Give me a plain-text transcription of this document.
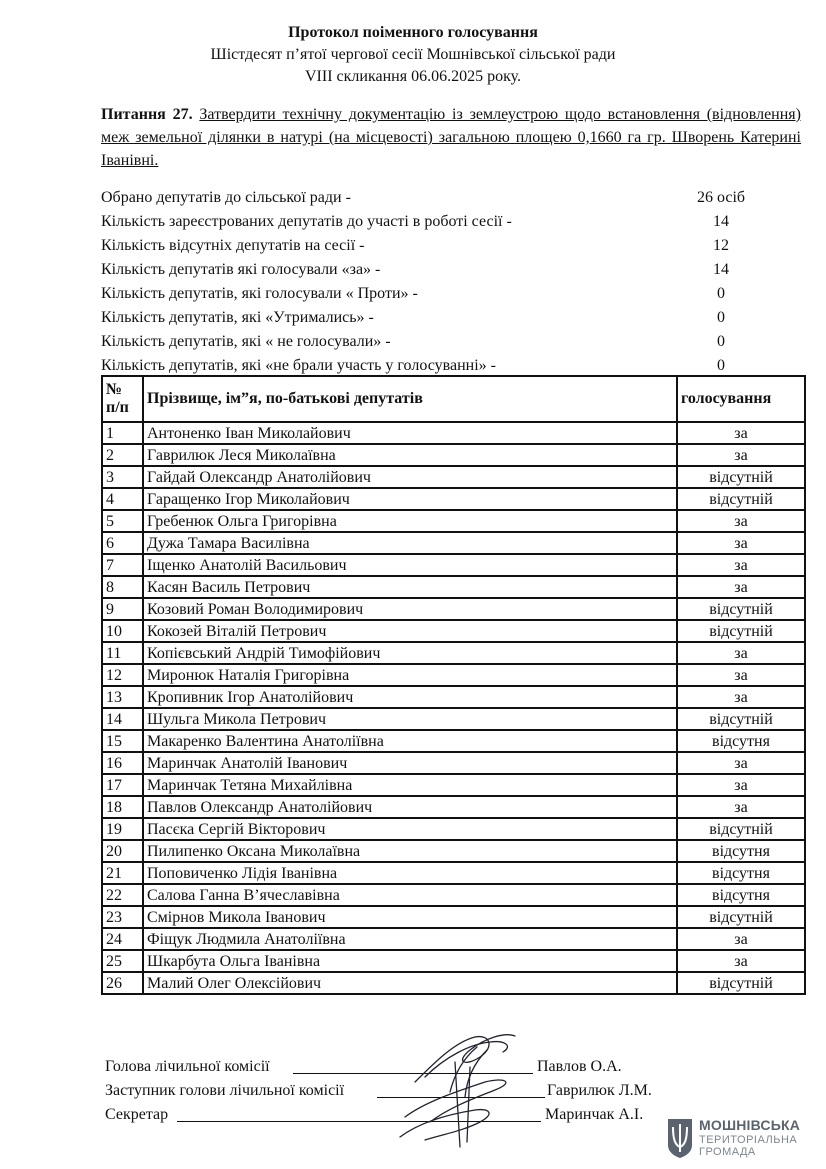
Протокол поіменного голосування
Шістдесят п’ятої чергової сесії Мошнівської сільської ради
VIII скликання 06.06.2025 року.
Питання 27. Затвердити технічну документацію із землеустрою щодо встановлення (відновлення) меж земельної ділянки в натурі (на місцевості) загальною площею 0,1660 га гр. Шворень Катерині Іванівні.
Обрано депутатів до сільської ради -	26 осіб
Кількість зареєстрованих депутатів до участі в роботі сесії -	14
Кількість відсутніх депутатів на сесії -	12
Кількість депутатів які голосували «за» -	14
Кількість депутатів, які голосували « Проти» -	0
Кількість депутатів, які «Утримались» -	0
Кількість депутатів, які « не голосували» -	0
Кількість депутатів, які «не брали участь у голосуванні» -	0
№ п/п	Прізвище, ім”я, по-батькові депутатів	голосування
1	Антоненко Іван Миколайович	за
2	Гаврилюк Леся Миколаївна	за
3	Гайдай Олександр Анатолійович	відсутній
4	Гаращенко Ігор Миколайович	відсутній
5	Гребенюк Ольга Григорівна	за
6	Дужа Тамара Василівна	за
7	Іщенко Анатолій Васильович	за
8	Касян Василь Петрович	за
9	Козовий Роман Володимирович	відсутній
10	Кокозей Віталій Петрович	відсутній
11	Копієвський Андрій Тимофійович	за
12	Миронюк Наталія Григорівна	за
13	Кропивник Ігор Анатолійович	за
14	Шульга Микола Петрович	відсутній
15	Макаренко Валентина Анатоліївна	відсутня
16	Маринчак Анатолій Іванович	за
17	Маринчак Тетяна Михайлівна	за
18	Павлов Олександр Анатолійович	за
19	Пасєка Сергій Вікторович	відсутній
20	Пилипенко Оксана Миколаївна	відсутня
21	Поповиченко Лідія Іванівна	відсутня
22	Салова Ганна В’ячеславівна	відсутня
23	Смірнов Микола Іванович	відсутній
24	Фіщук Людмила Анатоліївна	за
25	Шкарбута Ольга Іванівна	за
26	Малий Олег Олексійович	відсутній
Голова лічильної комісії	Павлов О.А.
Заступник голови лічильної комісії	Гаврилюк Л.М.
Секретар	Маринчак А.І.
МОШНІВСЬКА
ТЕРИТОРІАЛЬНА
ГРОМАДА
